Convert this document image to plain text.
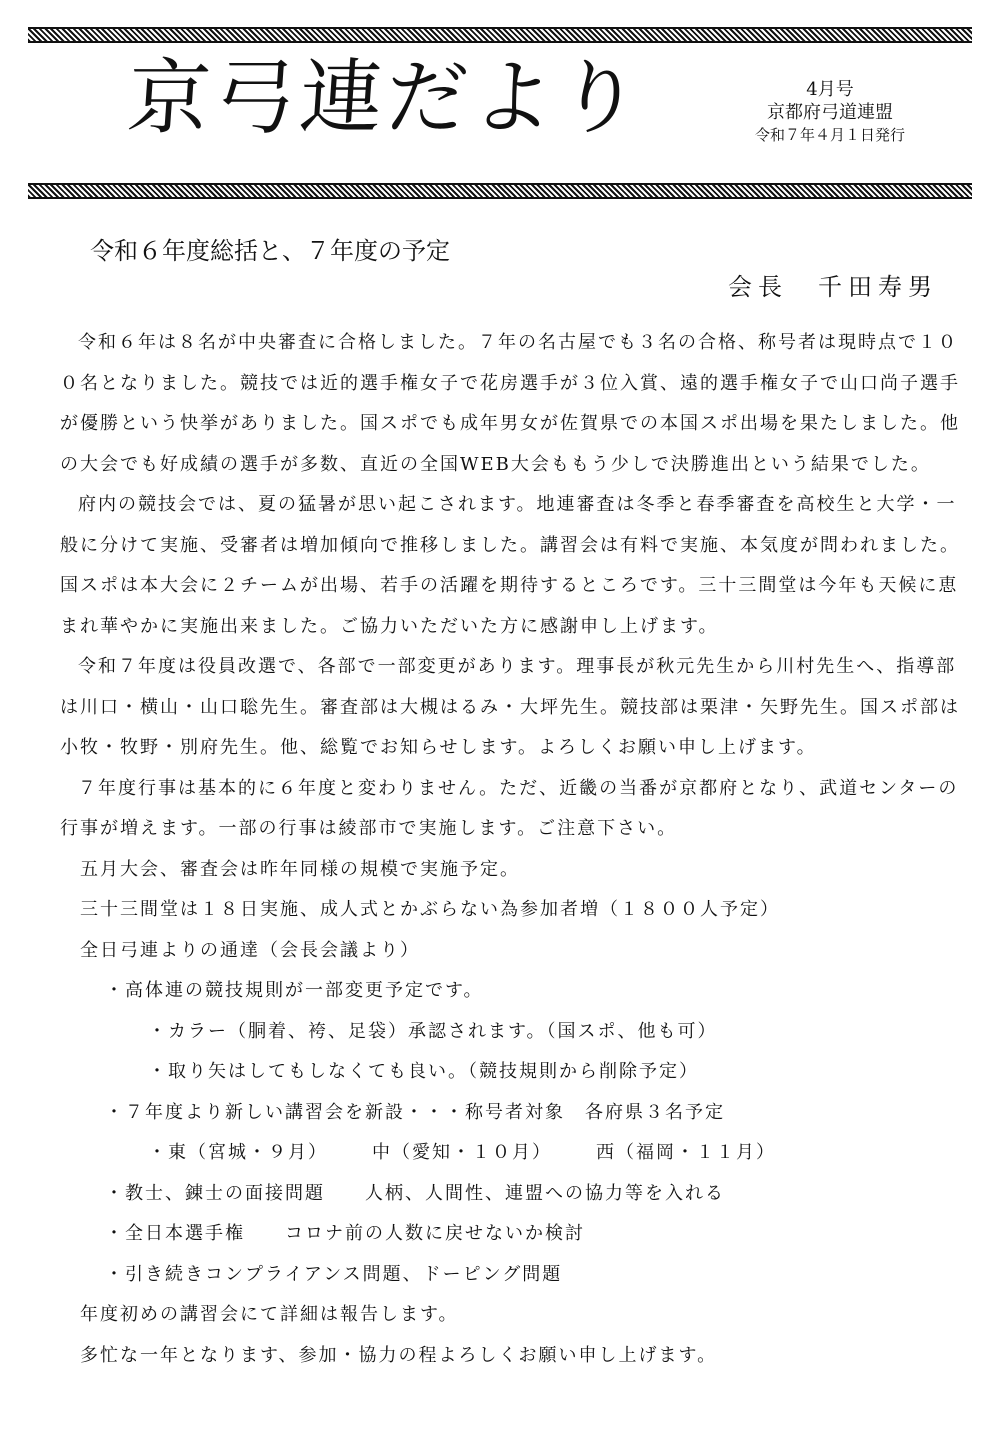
京弓連だより	4月号
京都府弓道連盟
令和７年４月１日発行
令和６年度総括と、７年度の予定
会長　千田寿男

令和６年は８名が中央審査に合格しました。７年の名古屋でも３名の合格、称号者は現時点で１００名となりました。競技では近的選手権女子で花房選手が３位入賞、遠的選手権女子で山口尚子選手が優勝という快挙がありました。国スポでも成年男女が佐賀県での本国スポ出場を果たしました。他の大会でも好成績の選手が多数、直近の全国WEB大会ももう少しで決勝進出という結果でした。

府内の競技会では、夏の猛暑が思い起こされます。地連審査は冬季と春季審査を高校生と大学・一般に分けて実施、受審者は増加傾向で推移しました。講習会は有料で実施、本気度が問われました。国スポは本大会に２チームが出場、若手の活躍を期待するところです。三十三間堂は今年も天候に恵まれ華やかに実施出来ました。ご協力いただいた方に感謝申し上げます。

令和７年度は役員改選で、各部で一部変更があります。理事長が秋元先生から川村先生へ、指導部は川口・横山・山口聡先生。審査部は大槻はるみ・大坪先生。競技部は栗津・矢野先生。国スポ部は小牧・牧野・別府先生。他、総覧でお知らせします。よろしくお願い申し上げます。

７年度行事は基本的に６年度と変わりません。ただ、近畿の当番が京都府となり、武道センターの行事が増えます。一部の行事は綾部市で実施します。ご注意下さい。

五月大会、審査会は昨年同様の規模で実施予定。

三十三間堂は１８日実施、成人式とかぶらない為参加者増（１８００人予定）

全日弓連よりの通達（会長会議より）

・高体連の競技規則が一部変更予定です。

・カラー（胴着、袴、足袋）承認されます。（国スポ、他も可）

・取り矢はしてもしなくても良い。（競技規則から削除予定）

・７年度より新しい講習会を新設・・・称号者対象　各府県３名予定

・東（宮城・９月） 中（愛知・１０月） 西（福岡・１１月）

・教士、錬士の面接問題　　人柄、人間性、連盟への協力等を入れる

・全日本選手権　　コロナ前の人数に戻せないか検討

・引き続きコンプライアンス問題、ドーピング問題

年度初めの講習会にて詳細は報告します。

多忙な一年となります、参加・協力の程よろしくお願い申し上げます。
